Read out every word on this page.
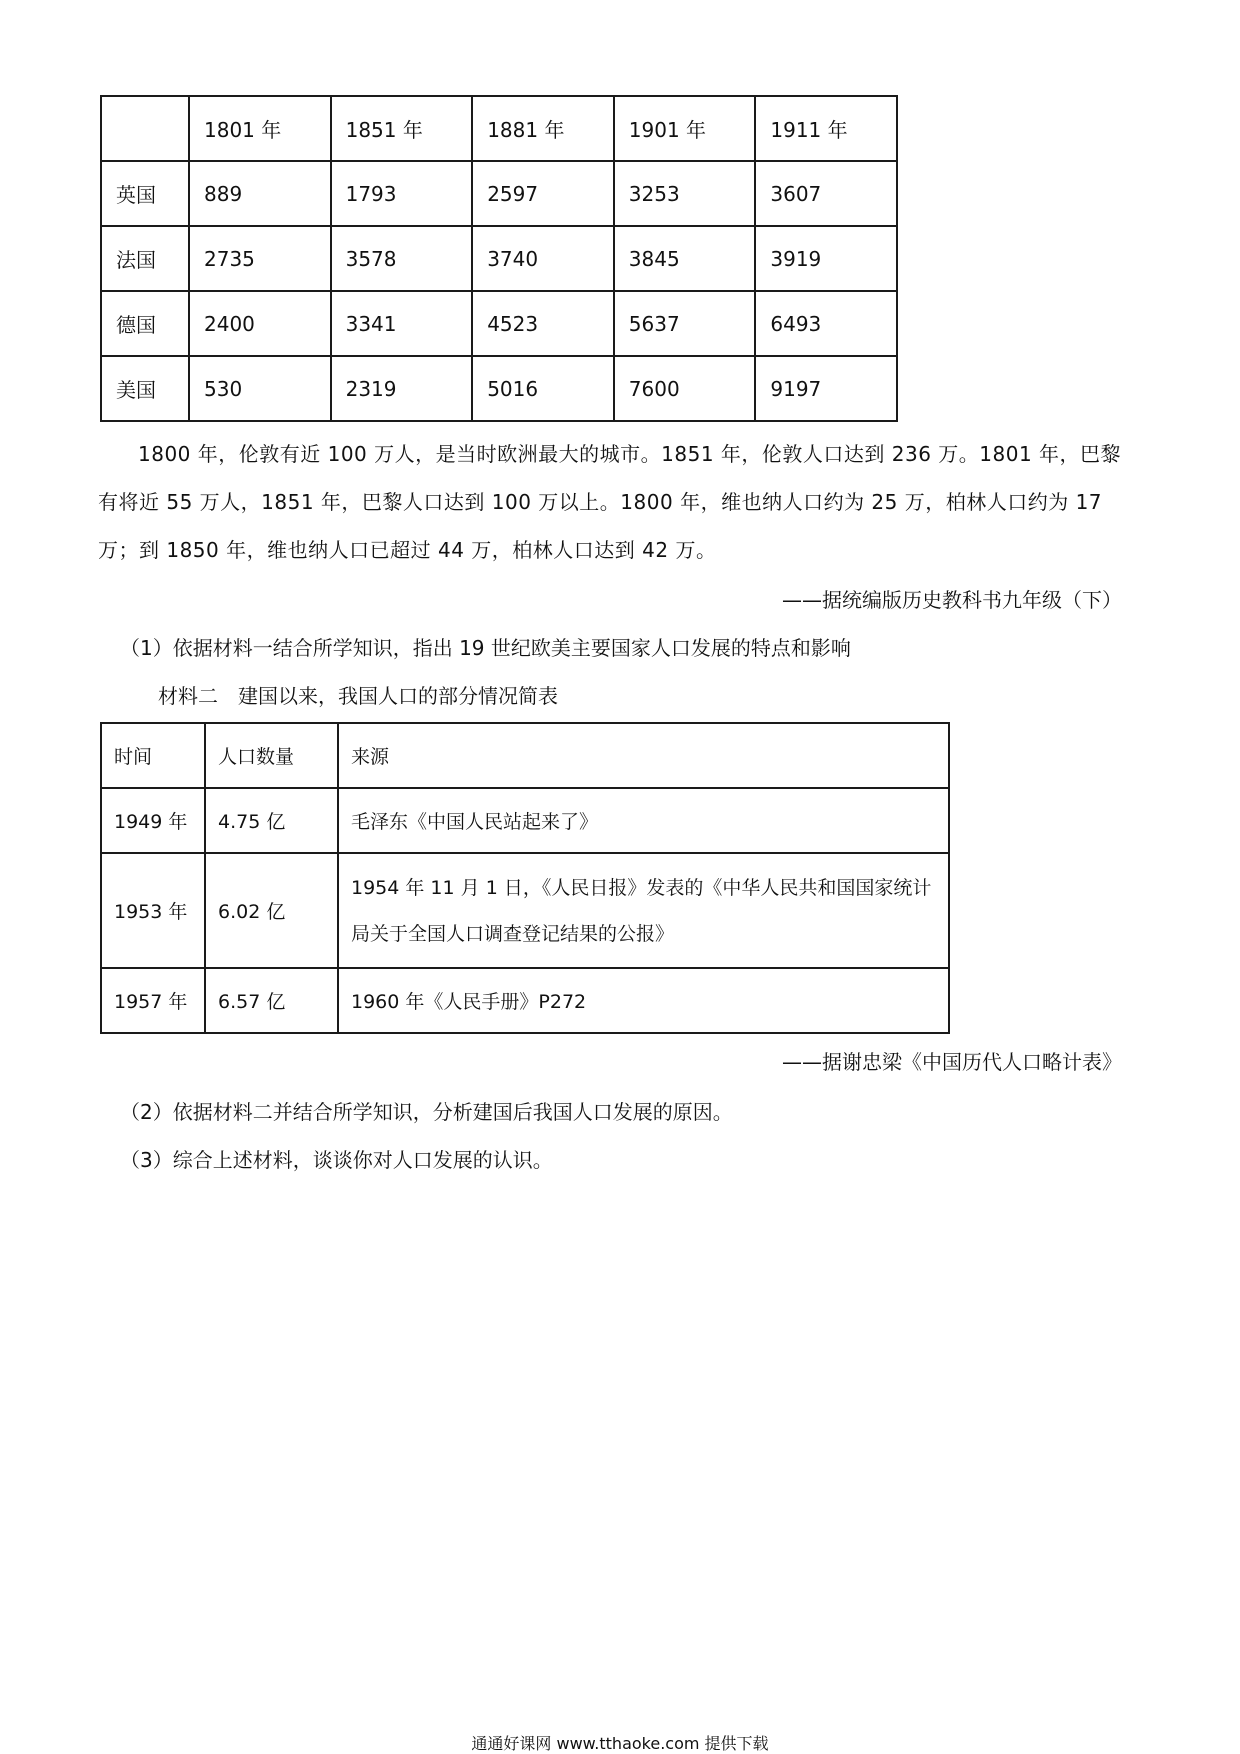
	1801 年	1851 年	1881 年	1901 年	1911 年
英国	889	1793	2597	3253	3607
法国	2735	3578	3740	3845	3919
德国	2400	3341	4523	5637	6493
美国	530	2319	5016	7600	9197

1800 年，伦敦有近 100 万人，是当时欧洲最大的城市。1851 年，伦敦人口达到 236 万。1801 年，巴黎有将近 55 万人，1851 年，巴黎人口达到 100 万以上。1800 年，维也纳人口约为 25 万，柏林人口约为 17 万；到 1850 年，维也纳人口已超过 44 万，柏林人口达到 42 万。

——据统编版历史教科书九年级（下）

（1）依据材料一结合所学知识，指出 19 世纪欧美主要国家人口发展的特点和影响

材料二　建国以来，我国人口的部分情况简表

时间	人口数量	来源
1949 年	4.75 亿	毛泽东《中国人民站起来了》
1953 年	6.02 亿	1954 年 11 月 1 日，《人民日报》发表的《中华人民共和国国家统计局关于全国人口调查登记结果的公报》
1957 年	6.57 亿	1960 年《人民手册》P272

——据谢忠梁《中国历代人口略计表》

（2）依据材料二并结合所学知识，分析建国后我国人口发展的原因。

（3）综合上述材料，谈谈你对人口发展的认识。

通通好课网 www.tthaoke.com 提供下载
